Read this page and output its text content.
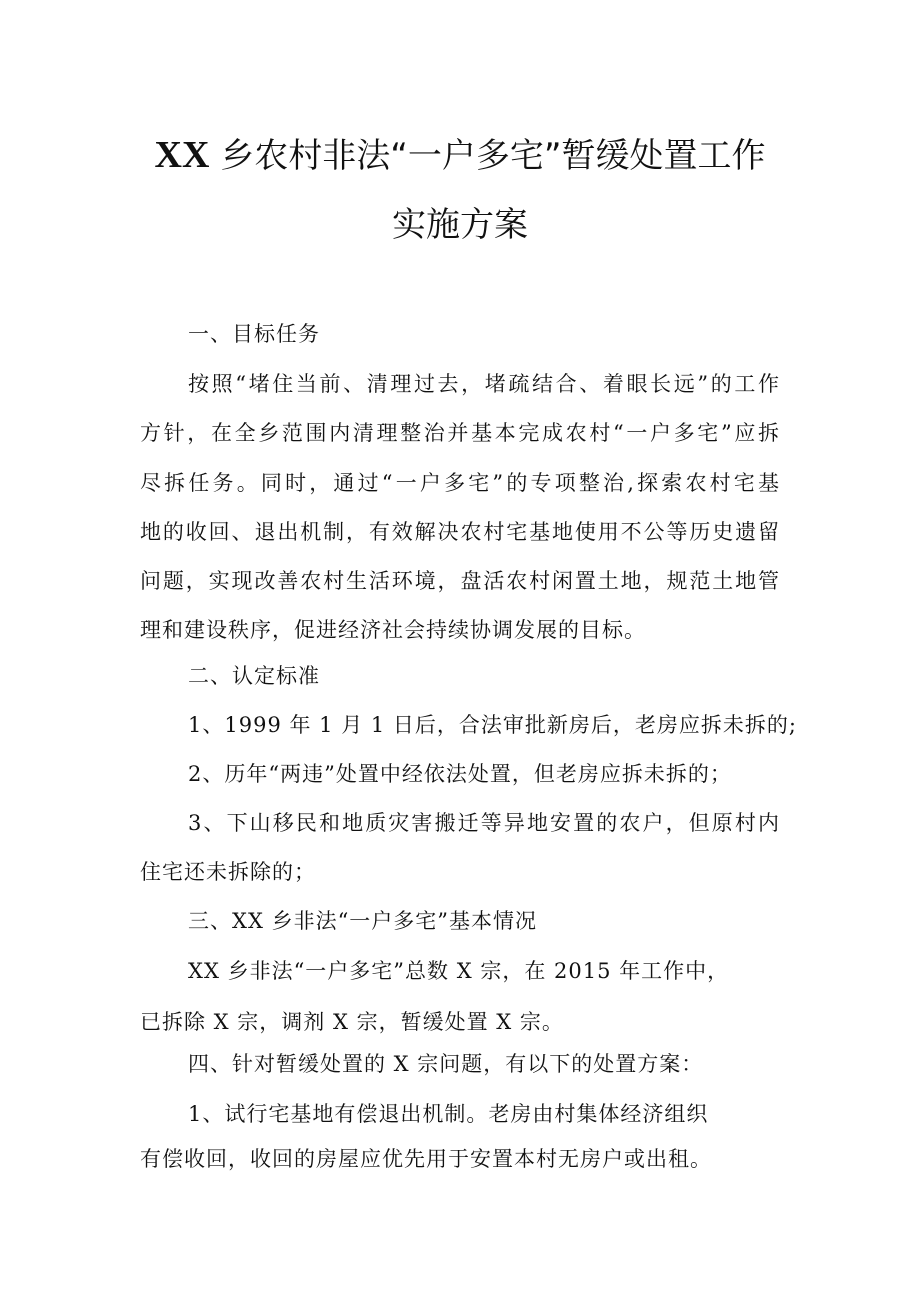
XX 乡农村非法“一户多宅”暂缓处置工作
实施方案
一、目标任务
按照“堵住当前、清理过去，堵疏结合、着眼长远”的工作
方针，在全乡范围内清理整治并基本完成农村“一户多宅”应拆
尽拆任务。同时，通过“一户多宅”的专项整治,探索农村宅基
地的收回、退出机制，有效解决农村宅基地使用不公等历史遗留
问题，实现改善农村生活环境，盘活农村闲置土地，规范土地管
理和建设秩序，促进经济社会持续协调发展的目标。
二、认定标准
1、1999 年 1 月 1 日后，合法审批新房后，老房应拆未拆的;
2、历年“两违”处置中经依法处置，但老房应拆未拆的；
3、下山移民和地质灾害搬迁等异地安置的农户，但原村内
住宅还未拆除的；
三、XX 乡非法“一户多宅”基本情况
XX 乡非法“一户多宅”总数 X 宗，在 2015 年工作中，
已拆除 X 宗，调剂 X 宗，暂缓处置 X 宗。
四、针对暂缓处置的 X 宗问题，有以下的处置方案：
1、试行宅基地有偿退出机制。老房由村集体经济组织
有偿收回，收回的房屋应优先用于安置本村无房户或出租。
